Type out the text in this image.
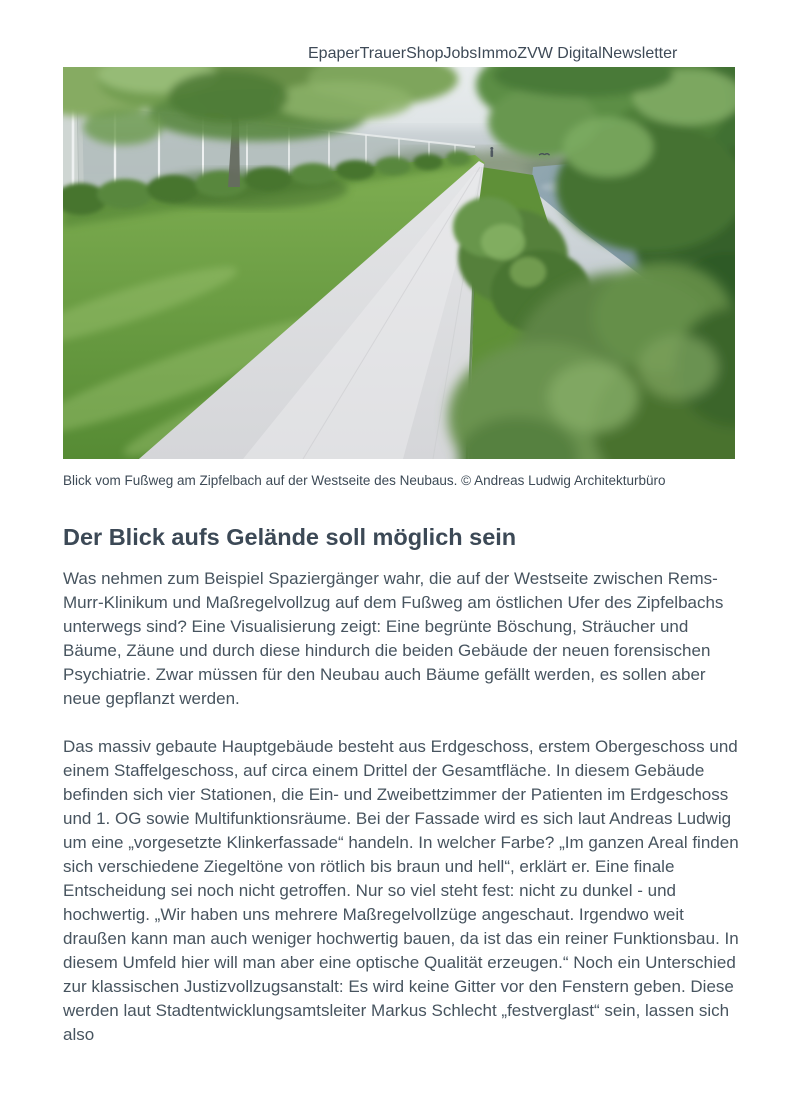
Epaper Trauer Shop Jobs Immo ZVW Digital Newsletter
Blick vom Fußweg am Zipfelbach auf der Westseite des Neubaus. © Andreas Ludwig Architekturbüro
Der Blick aufs Gelände soll möglich sein

Was nehmen zum Beispiel Spaziergänger wahr, die auf der Westseite zwischen Rems-Murr-Klinikum und Maßregelvollzug auf dem Fußweg am östlichen Ufer des Zipfelbachs unterwegs sind? Eine Visualisierung zeigt: Eine begrünte Böschung, Sträucher und Bäume, Zäune und durch diese hindurch die beiden Gebäude der neuen forensischen Psychiatrie. Zwar müssen für den Neubau auch Bäume gefällt werden, es sollen aber neue gepflanzt werden.

Das massiv gebaute Hauptgebäude besteht aus Erdgeschoss, erstem Obergeschoss und einem Staffelgeschoss, auf circa einem Drittel der Gesamtfläche. In diesem Gebäude befinden sich vier Stationen, die Ein- und Zweibettzimmer der Patienten im Erdgeschoss und 1. OG sowie Multifunktionsräume. Bei der Fassade wird es sich laut Andreas Ludwig um eine „vorgesetzte Klinkerfassade“ handeln. In welcher Farbe? „Im ganzen Areal finden sich verschiedene Ziegeltöne von rötlich bis braun und hell“, erklärt er. Eine finale Entscheidung sei noch nicht getroffen. Nur so viel steht fest: nicht zu dunkel - und hochwertig. „Wir haben uns mehrere Maßregelvollzüge angeschaut. Irgendwo weit draußen kann man auch weniger hochwertig bauen, da ist das ein reiner Funktionsbau. In diesem Umfeld hier will man aber eine optische Qualität erzeugen.“ Noch ein Unterschied zur klassischen Justizvollzugsanstalt: Es wird keine Gitter vor den Fenstern geben. Diese werden laut Stadtentwicklungsamtsleiter Markus Schlecht „festverglast“ sein, lassen sich also
